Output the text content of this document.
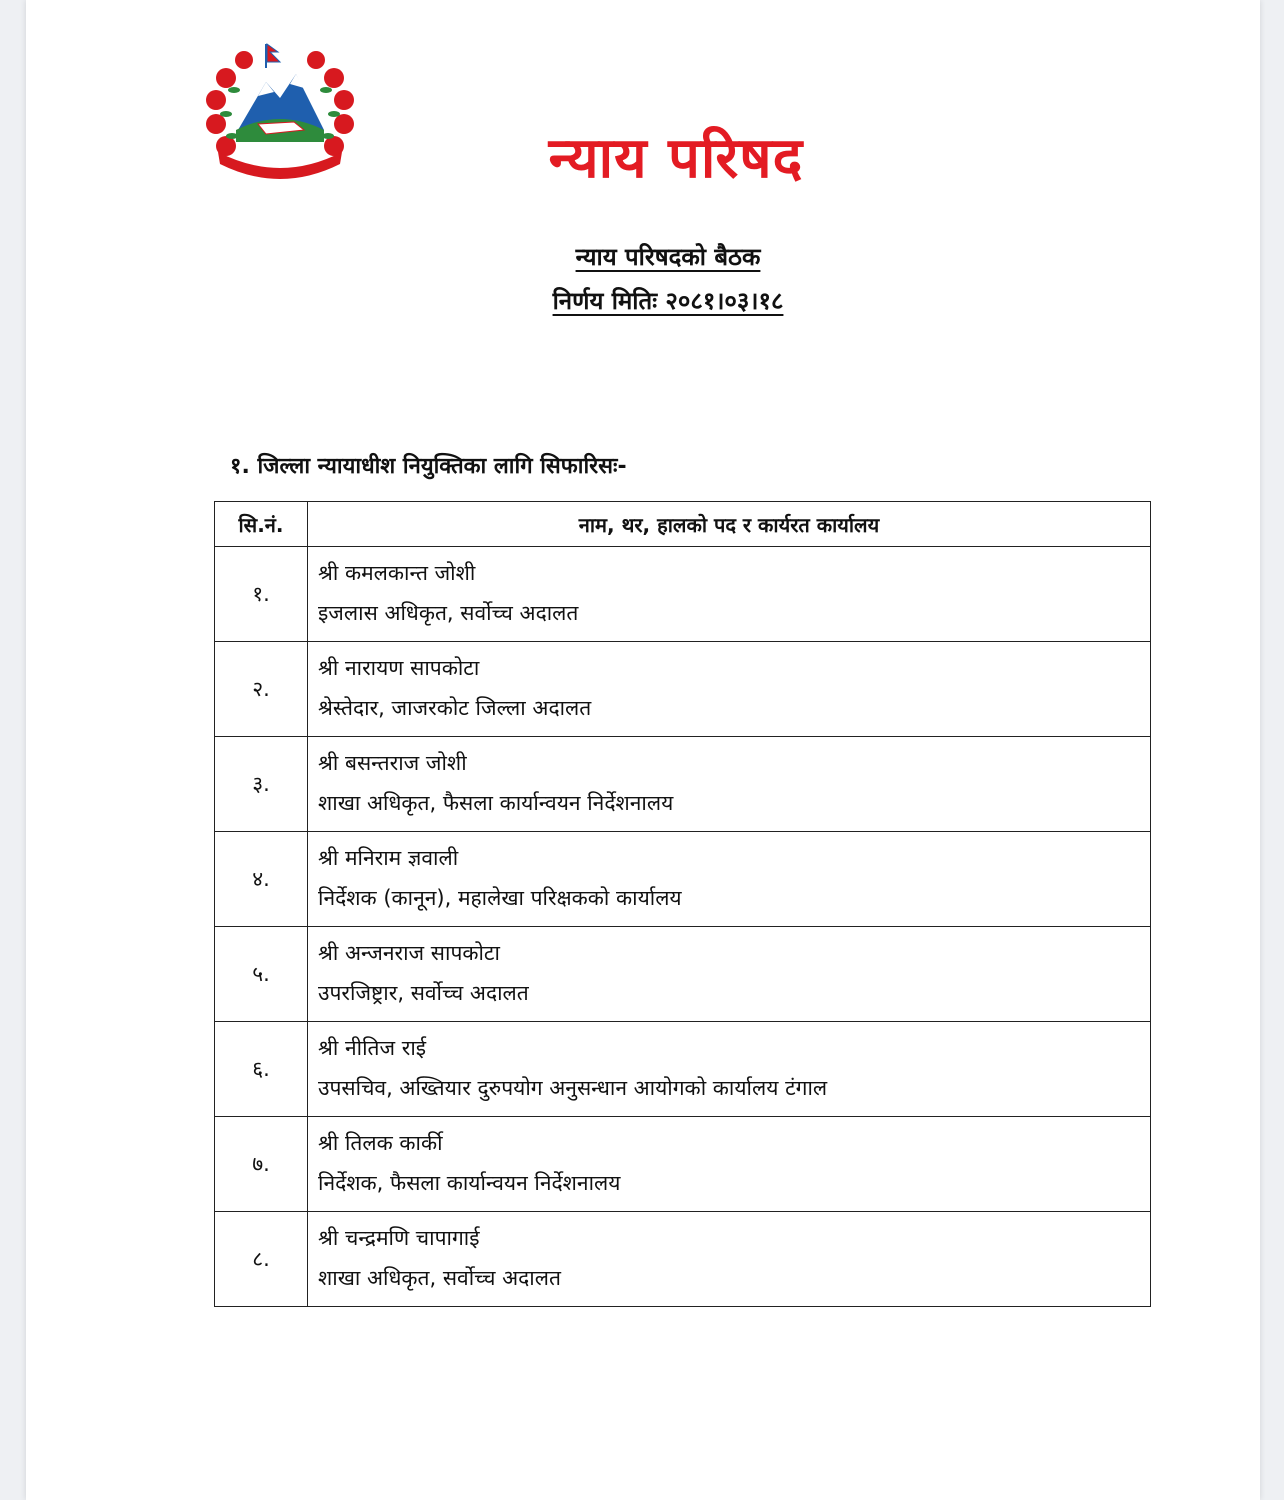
न्याय परिषद
न्याय परिषदको बैठक
निर्णय मितिः २०८१।०३।१८
१. जिल्ला न्यायाधीश नियुक्तिका लागि सिफारिसः-
सि.नं.	नाम, थर, हालको पद र कार्यरत कार्यालय
१.	श्री कमलकान्त जोशी
इजलास अधिकृत, सर्वोच्च अदालत

२.	श्री नारायण सापकोटा
श्रेस्तेदार, जाजरकोट जिल्ला अदालत

३.	श्री बसन्तराज जोशी
शाखा अधिकृत, फैसला कार्यान्वयन निर्देशनालय

४.	श्री मनिराम ज्ञवाली
निर्देशक (कानून), महालेखा परिक्षकको कार्यालय

५.	श्री अन्जनराज सापकोटा
उपरजिष्ट्रार, सर्वोच्च अदालत

६.	श्री नीतिज राई
उपसचिव, अख्तियार दुरुपयोग अनुसन्धान आयोगको कार्यालय टंगाल

७.	श्री तिलक कार्की
निर्देशक, फैसला कार्यान्वयन निर्देशनालय

८.	श्री चन्द्रमणि चापागाई
शाखा अधिकृत, सर्वोच्च अदालत
